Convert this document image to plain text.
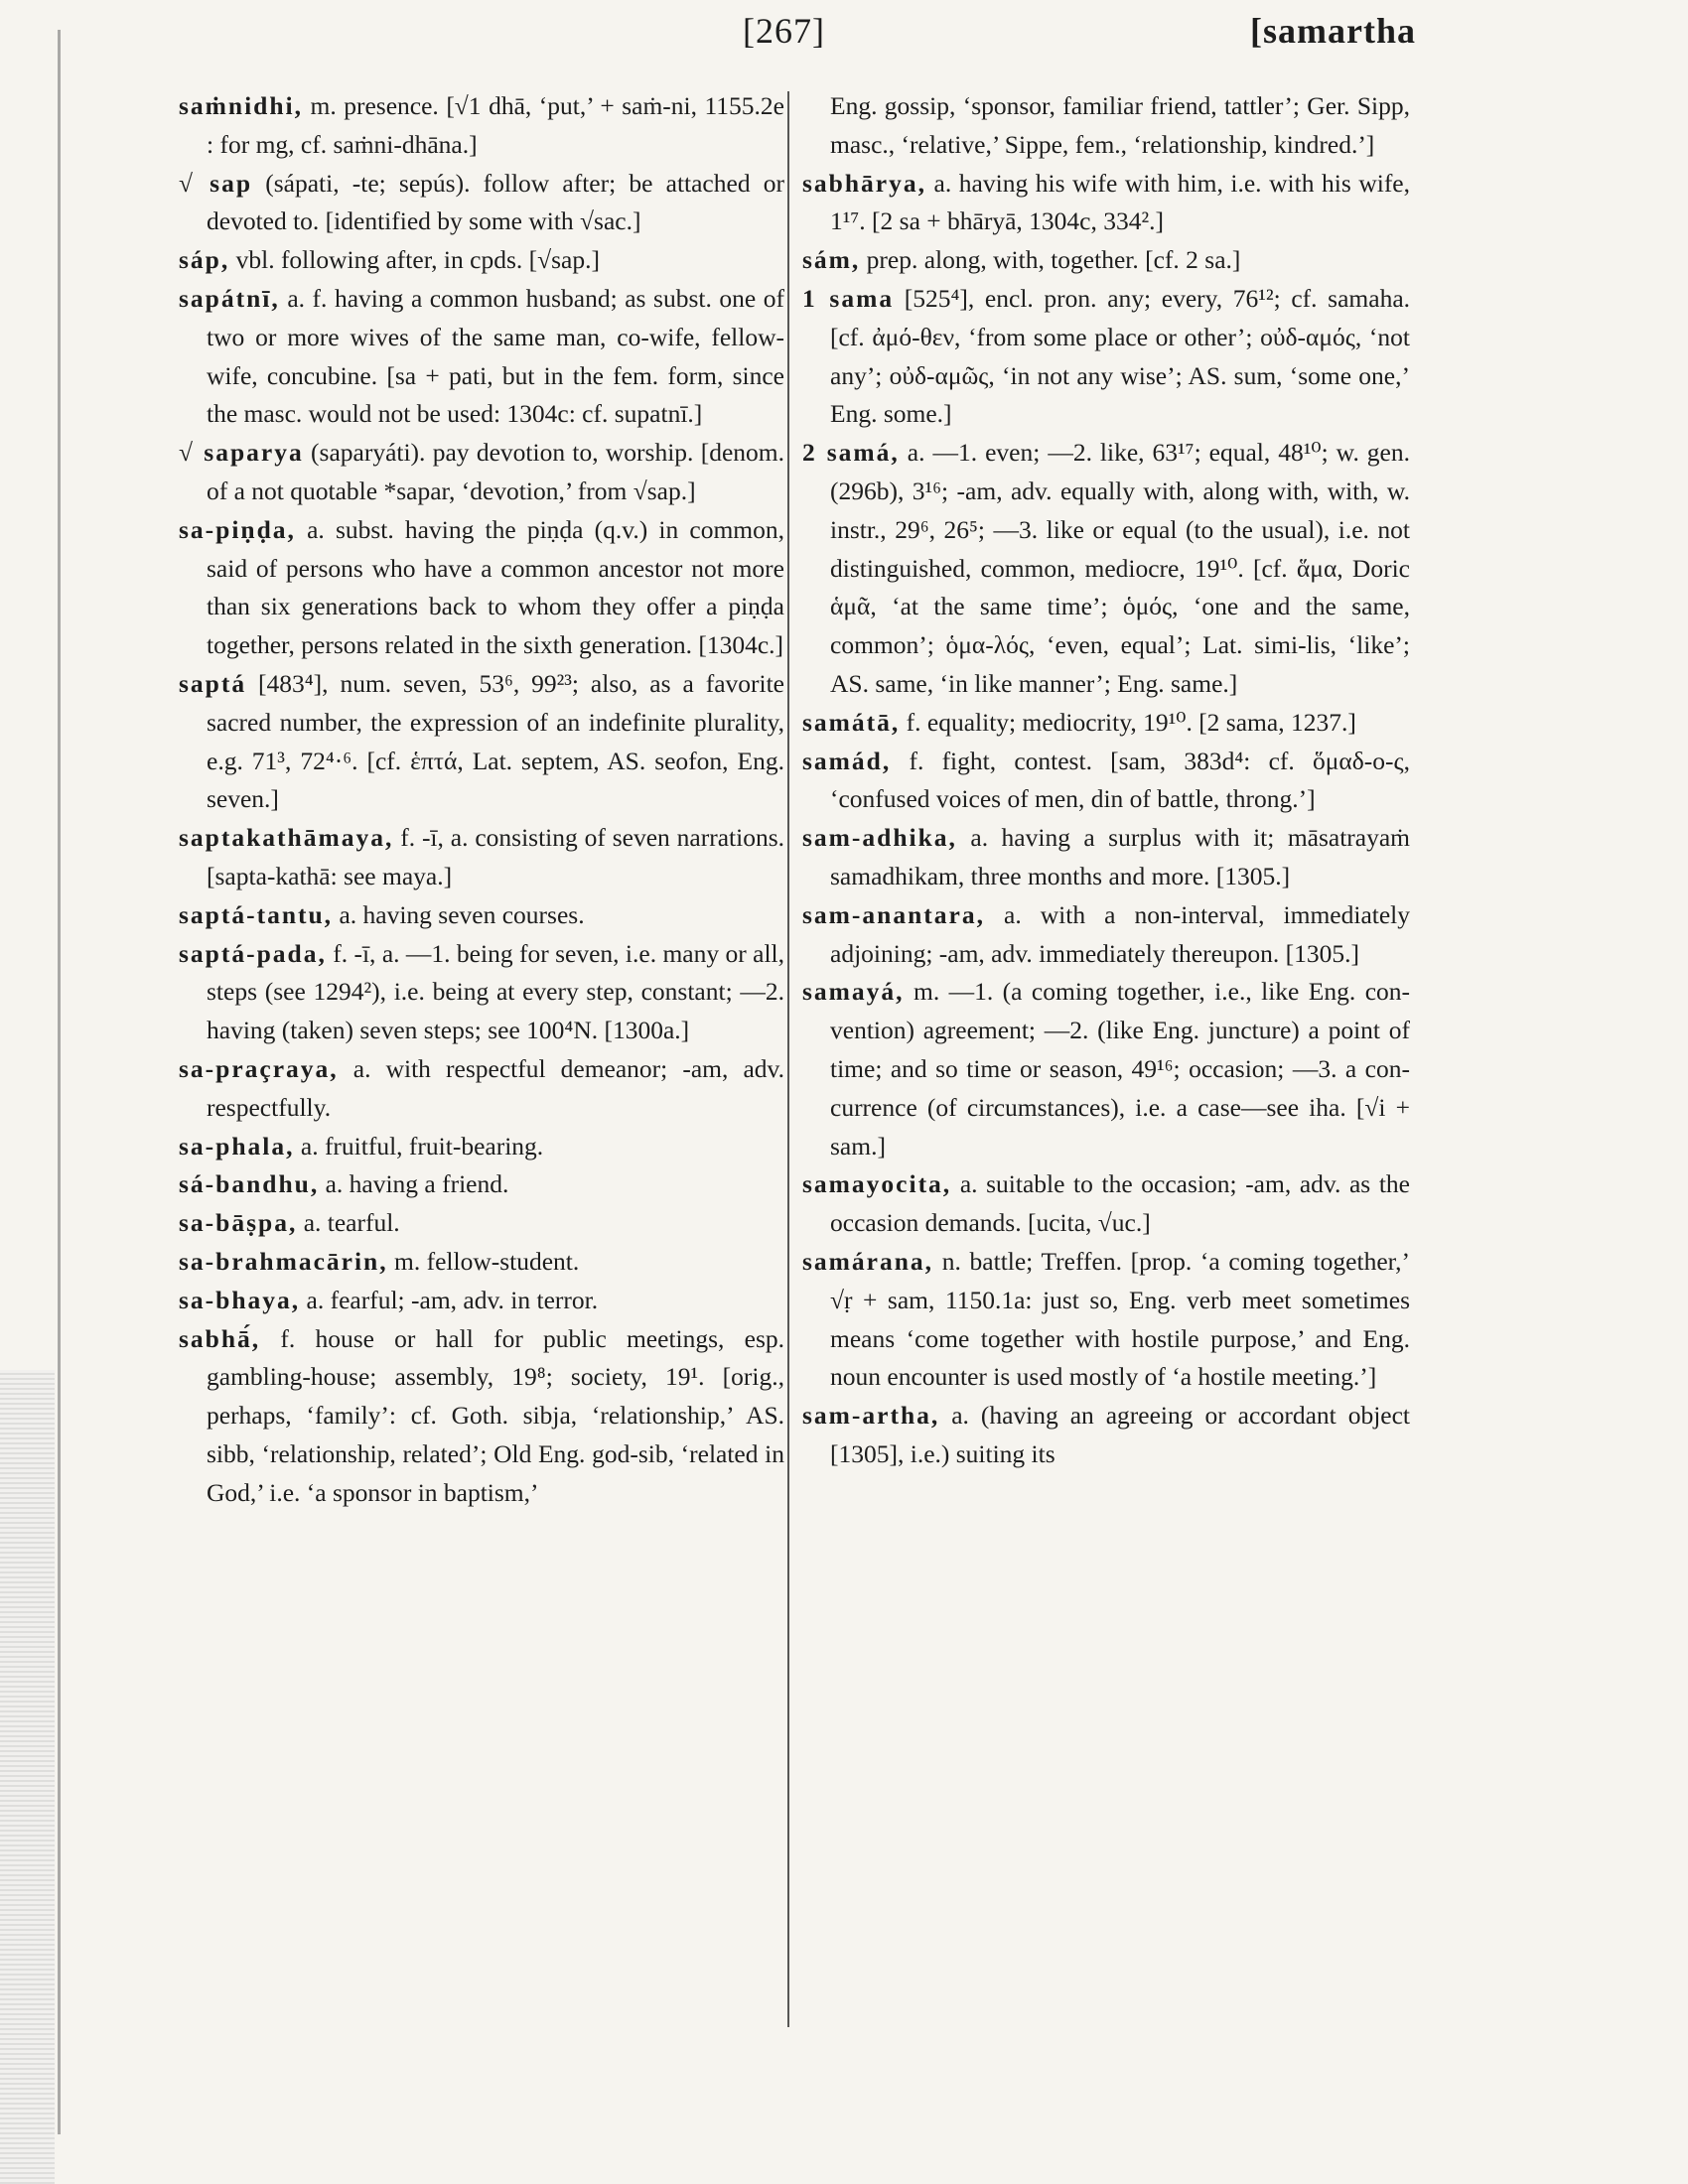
[267]	[samartha

saṁnidhi, m. presence. [√1 dhā, ‘put,’ + saṁ-ni, 1155.2e : for mg, cf. saṁni-dhāna.]

√ sap (sápati, -te; sepús). follow after; be attached or devoted to. [identified by some with √sac.]

sáp, vbl. following after, in cpds. [√sap.]

sapátnī, a. f. having a common husband; as subst. one of two or more wives of the same man, co-wife, fellow-wife, concubine. [sa + pati, but in the fem. form, since the masc. would not be used: 1304c: cf. supatnī.]

√ saparya (saparyáti). pay devotion to, worship. [denom. of a not quotable *sapar, ‘devotion,’ from √sap.]

sa-piṇḍa, a. subst. having the piṇḍa (q.v.) in common, said of persons who have a common ancestor not more than six generations back to whom they offer a piṇḍa together, persons related in the sixth generation. [1304c.]

saptá [483⁴], num. seven, 53⁶, 99²³; also, as a favorite sacred number, the expression of an indefinite plurality, e.g. 71³, 72⁴·⁶. [cf. ἑπτά, Lat. septem, AS. seofon, Eng. seven.]

saptakathāmaya, f. -ī, a. consisting of seven narrations. [sapta-kathā: see maya.]

saptá-tantu, a. having seven courses.

saptá-pada, f. -ī, a. —1. being for seven, i.e. many or all, steps (see 1294²), i.e. being at every step, constant; —2. having (taken) seven steps; see 100⁴N. [1300a.]

sa-praçraya, a. with respectful demeanor; -am, adv. respectfully.

sa-phala, a. fruitful, fruit-bearing.

sá-bandhu, a. having a friend.

sa-bāṣpa, a. tearful.

sa-brahmacārin, m. fellow-student.

sa-bhaya, a. fearful; -am, adv. in terror.

sabhā́, f. house or hall for public meetings, esp. gambling-house; assembly, 19⁸; society, 19¹. [orig., perhaps, ‘family’: cf. Goth. sibja, ‘relationship,’ AS. sibb, ‘relationship, related’; Old Eng. god-sib, ‘related in God,’ i.e. ‘a sponsor in baptism,’

Eng. gossip, ‘sponsor, familiar friend, tattler’; Ger. Sipp, masc., ‘relative,’ Sippe, fem., ‘relationship, kindred.’]

sabhārya, a. having his wife with him, i.e. with his wife, 1¹⁷. [2 sa + bhāryā, 1304c, 334².]

sám, prep. along, with, together. [cf. 2 sa.]

1 sama [525⁴], encl. pron. any; every, 76¹²; cf. samaha. [cf. ἀμό-θεν, ‘from some place or other’; οὐδ-αμός, ‘not any’; οὐδ-αμῶς, ‘in not any wise’; AS. sum, ‘some one,’ Eng. some.]

2 samá, a. —1. even; —2. like, 63¹⁷; equal, 48¹⁰; w. gen. (296b), 3¹⁶; -am, adv. equally with, along with, with, w. instr., 29⁶, 26⁵; —3. like or equal (to the usual), i.e. not distinguished, common, mediocre, 19¹⁰. [cf. ἅμα, Doric ἁμᾶ, ‘at the same time’; ὁμός, ‘one and the same, common’; ὁμα-λός, ‘even, equal’; Lat. simi-lis, ‘like’; AS. same, ‘in like manner’; Eng. same.]

samátā, f. equality; mediocrity, 19¹⁰. [2 sama, 1237.]

samád, f. fight, contest. [sam, 383d⁴: cf. ὅμαδ-ο-ς, ‘confused voices of men, din of battle, throng.’]

sam-adhika, a. having a surplus with it; māsatrayaṁ samadhikam, three months and more. [1305.]

sam-anantara, a. with a non-interval, immediately adjoining; -am, adv. immediately thereupon. [1305.]

samayá, m. —1. (a coming together, i.e., like Eng. con-vention) agreement; —2. (like Eng. juncture) a point of time; and so time or season, 49¹⁶; occasion; —3. a con-currence (of circumstances), i.e. a case—see iha. [√i + sam.]

samayocita, a. suitable to the occasion; -am, adv. as the occasion demands. [ucita, √uc.]

samárana, n. battle; Treffen. [prop. ‘a coming together,’ √ṛ + sam, 1150.1a: just so, Eng. verb meet sometimes means ‘come together with hostile purpose,’ and Eng. noun encounter is used mostly of ‘a hostile meeting.’]

sam-artha, a. (having an agreeing or accordant object [1305], i.e.) suiting its
